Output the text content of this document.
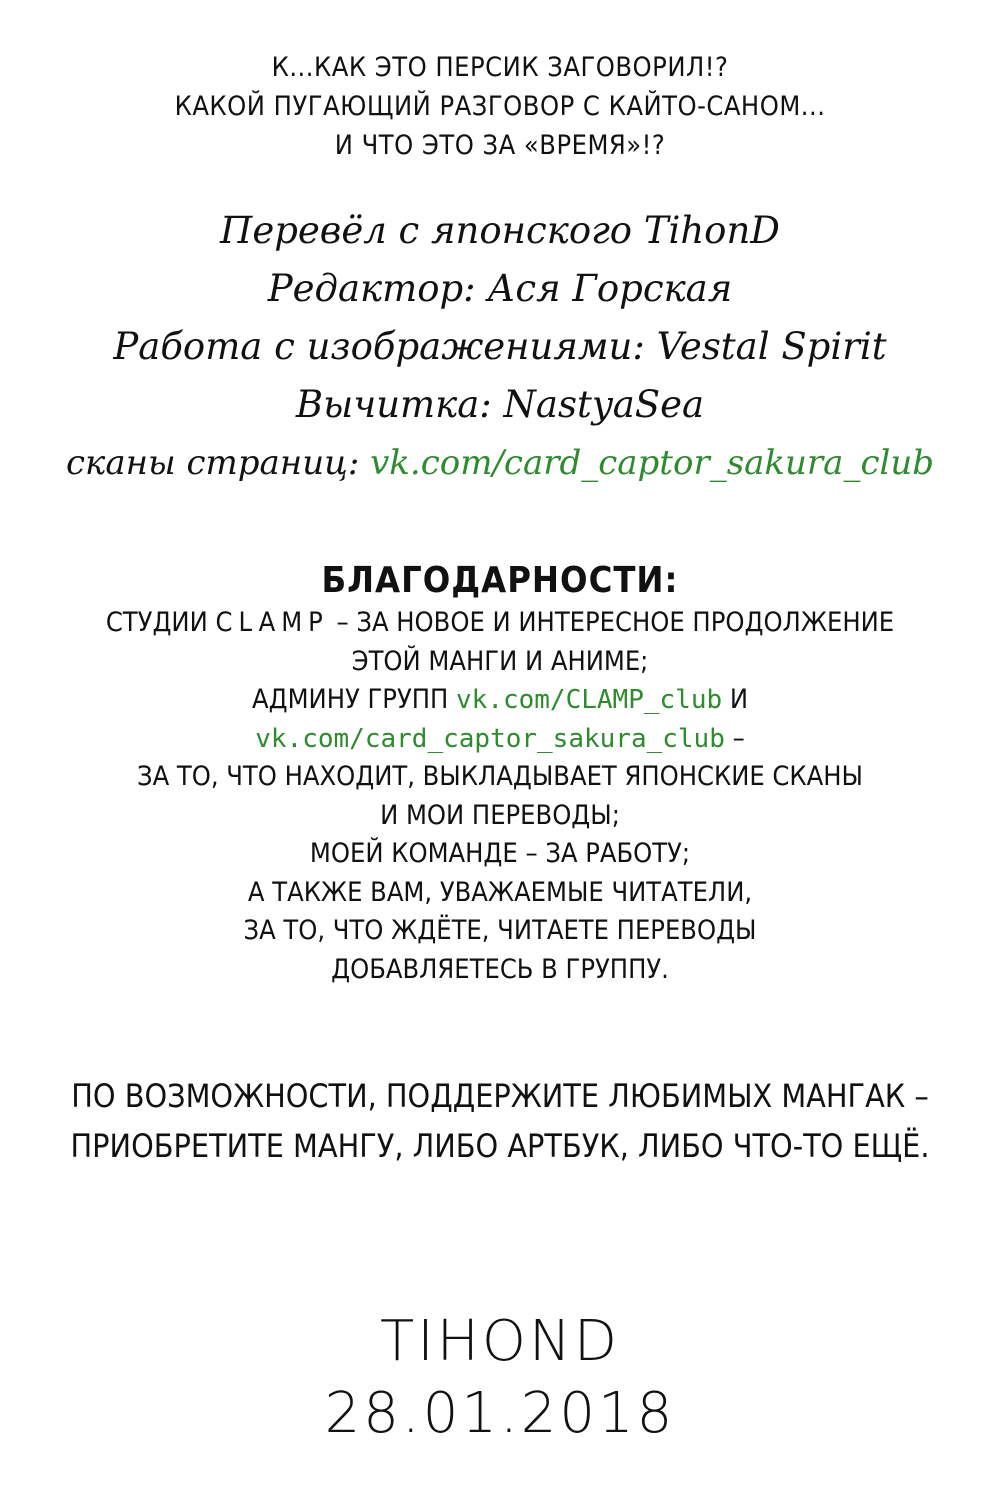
К...КАК ЭТО ПЕРСИК ЗАГОВОРИЛ!?
КАКОЙ ПУГАЮЩИЙ РАЗГОВОР С КАЙТО-САНОМ...
И ЧТО ЭТО ЗА «ВРЕМЯ»!?
Перевёл с японского TihonD
Редактор: Ася Горская
Работа с изображениями: Vestal Spirit
Вычитка: NastyaSea
сканы страниц: vk.com/card_captor_sakura_club
БЛАГОДАРНОСТИ:
СТУДИИ CLAMP – ЗА НОВОЕ И ИНТЕРЕСНОЕ ПРОДОЛЖЕНИЕ
ЭТОЙ МАНГИ И АНИМЕ;
АДМИНУ ГРУПП vk.com/CLAMP_club И
vk.com/card_captor_sakura_club –
ЗА ТО, ЧТО НАХОДИТ, ВЫКЛАДЫВАЕТ ЯПОНСКИЕ СКАНЫ
И МОИ ПЕРЕВОДЫ;
МОЕЙ КОМАНДЕ – ЗА РАБОТУ;
А ТАКЖЕ ВАМ, УВАЖАЕМЫЕ ЧИТАТЕЛИ,
ЗА ТО, ЧТО ЖДЁТЕ, ЧИТАЕТЕ ПЕРЕВОДЫ
ДОБАВЛЯЕТЕСЬ В ГРУППУ.
ПО ВОЗМОЖНОСТИ, ПОДДЕРЖИТЕ ЛЮБИМЫХ МАНГАК –
ПРИОБРЕТИТЕ МАНГУ, ЛИБО АРТБУК, ЛИБО ЧТО-ТО ЕЩЁ.
TIHOND
28.01.2018
